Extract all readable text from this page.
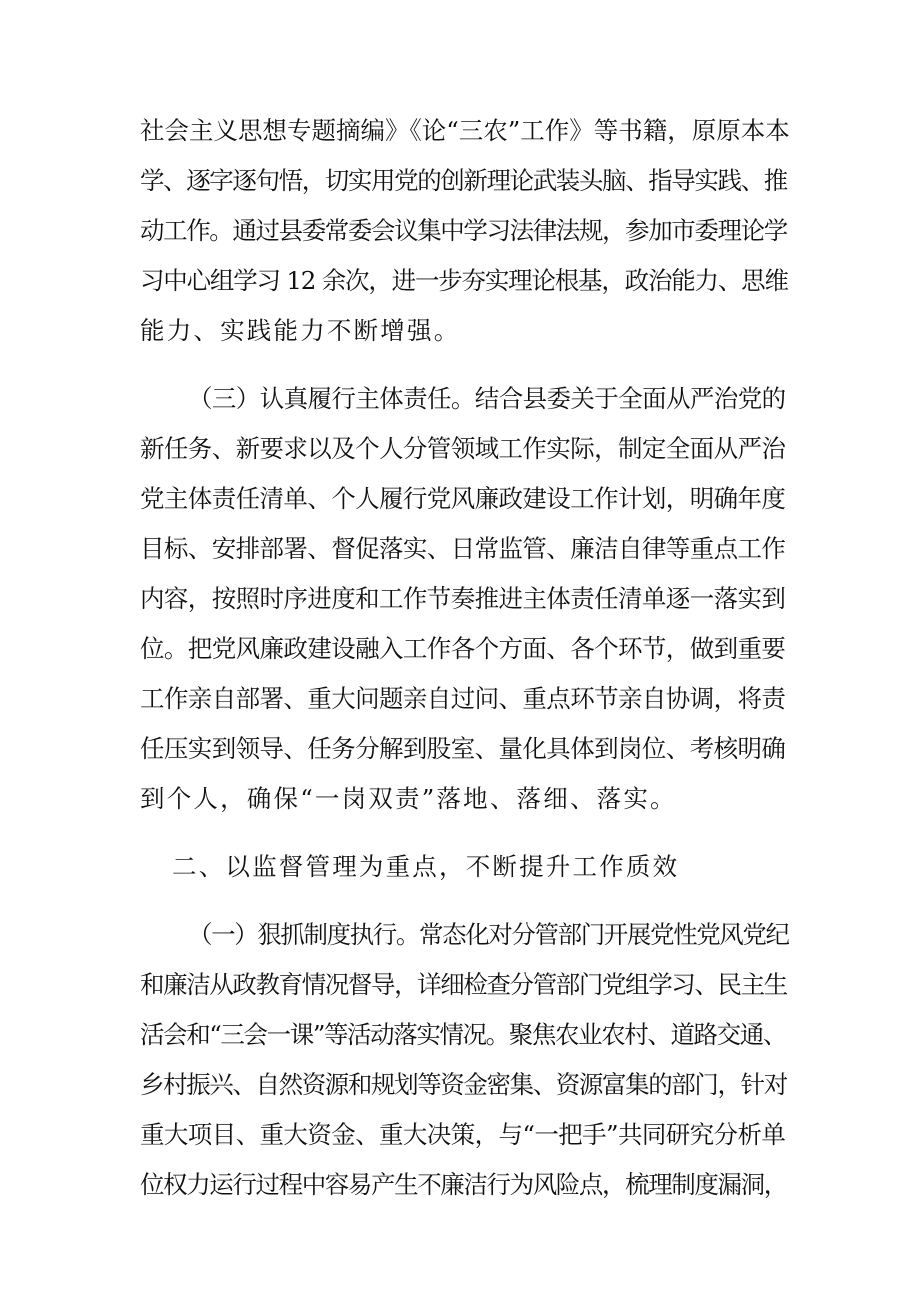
社会主义思想专题摘编》《论“三农”工作》等书籍，原原本本
学、逐字逐句悟，切实用党的创新理论武装头脑、指导实践、推
动工作。通过县委常委会议集中学习法律法规，参加市委理论学
习中心组学习 12 余次，进一步夯实理论根基，政治能力、思维
能力、实践能力不断增强。
（三）认真履行主体责任。结合县委关于全面从严治党的
新任务、新要求以及个人分管领域工作实际，制定全面从严治
党主体责任清单、个人履行党风廉政建设工作计划，明确年度
目标、安排部署、督促落实、日常监管、廉洁自律等重点工作
内容，按照时序进度和工作节奏推进主体责任清单逐一落实到
位。把党风廉政建设融入工作各个方面、各个环节，做到重要
工作亲自部署、重大问题亲自过问、重点环节亲自协调，将责
任压实到领导、任务分解到股室、量化具体到岗位、考核明确
到个人，确保“一岗双责”落地、落细、落实。
二、以监督管理为重点，不断提升工作质效
（一）狠抓制度执行。常态化对分管部门开展党性党风党纪
和廉洁从政教育情况督导，详细检查分管部门党组学习、民主生
活会和“三会一课”等活动落实情况。聚焦农业农村、道路交通、
乡村振兴、自然资源和规划等资金密集、资源富集的部门，针对
重大项目、重大资金、重大决策，与“一把手”共同研究分析单
位权力运行过程中容易产生不廉洁行为风险点，梳理制度漏洞，
